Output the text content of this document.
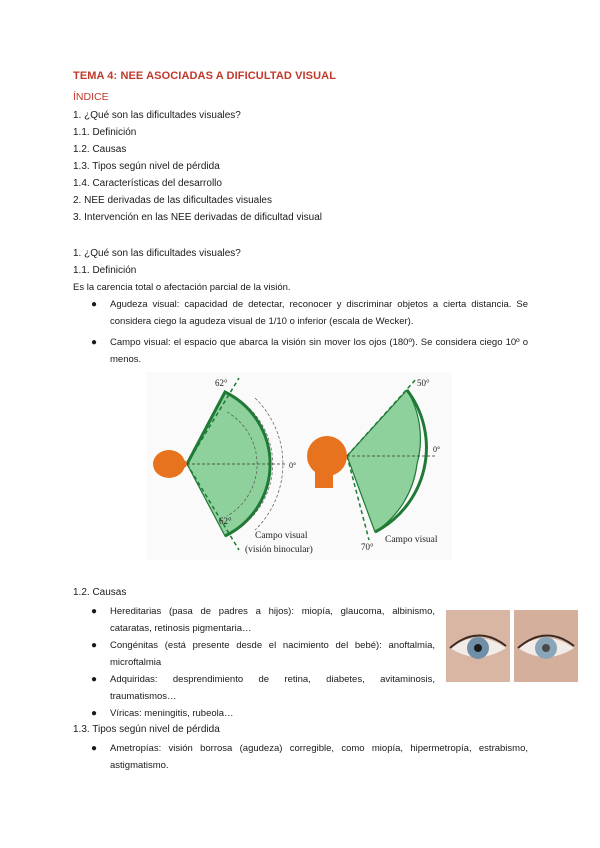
TEMA 4: NEE ASOCIADAS A DIFICULTAD VISUAL
ÍNDICE
1. ¿Qué son las dificultades visuales?
1.1. Definición
1.2. Causas
1.3. Tipos según nivel de pérdida
1.4. Características del desarrollo
2. NEE derivadas de las dificultades visuales
3. Intervención en las NEE derivadas de dificultad visual
1. ¿Qué son las dificultades visuales?
1.1. Definición
Es la carencia total o afectación parcial de la visión.
● Agudeza visual: capacidad de detectar, reconocer y discriminar objetos a cierta distancia. Se considera ciego la agudeza visual de 1/10 o inferior (escala de Wecker).
● Campo visual: el espacio que abarca la visión sin mover los ojos (180º). Se considera ciego 10º o menos.
62°
62°
0°
50°
0°
70°
Campo visual
(visión binocular)
Campo visual
1.2. Causas
● Hereditarias (pasa de padres a hijos): miopía, glaucoma, albinismo, cataratas, retinosis pigmentaria…
● Congénitas (está presente desde el nacimiento del bebé): anoftalmia, microftalmia
● Adquiridas: desprendimiento de retina, diabetes, avitaminosis, traumatismos…
● Víricas: meningitis, rubeola…
1.3. Tipos según nivel de pérdida
● Ametropías: visión borrosa (agudeza) corregible, como miopía, hipermetropía, estrabismo, astigmatismo.
